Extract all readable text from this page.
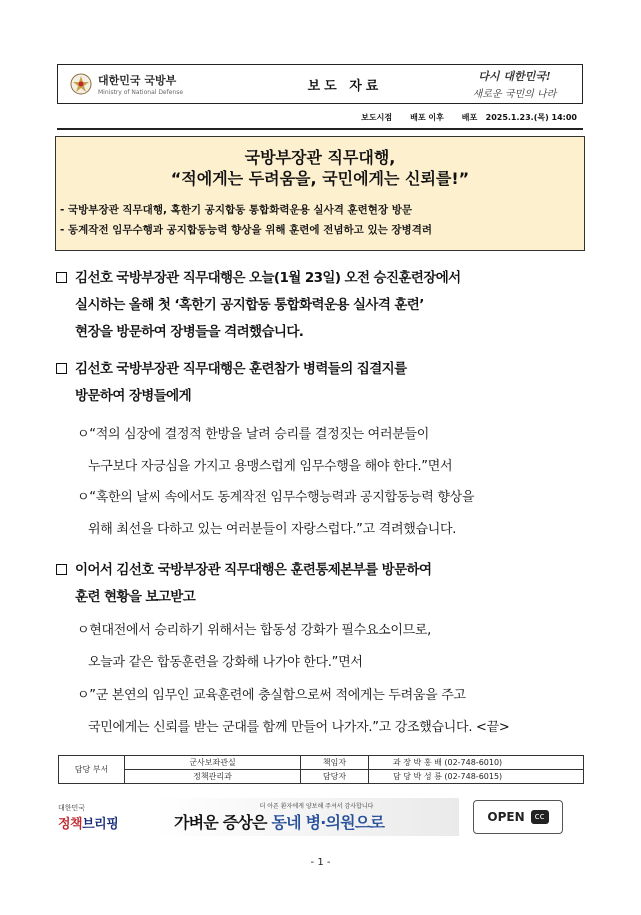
대한민국 국방부
Ministry of National Defense	보도 자료
다시 대한민국!
새로운 국민의 나라
보도시점 배포 이후 배포 2025.1.23.(목) 14:00
국방부장관 직무대행,
“적에게는 두려움을, 국민에게는 신뢰를!”
- 국방부장관 직무대행, 혹한기 공지합동 통합화력운용 실사격 훈련현장 방문
- 동계작전 임무수행과 공지합동능력 향상을 위해 훈련에 전념하고 있는 장병격려
김선호 국방부장관 직무대행은 오늘(1월 23일) 오전 승진훈련장에서
실시하는 올해 첫 ‘혹한기 공지합동 통합화력운용 실사격 훈련’
현장을 방문하여 장병들을 격려했습니다.
김선호 국방부장관 직무대행은 훈련참가 병력들의 집결지를
방문하여 장병들에게
ㅇ“적의 심장에 결정적 한방을 날려 승리를 결정짓는 여러분들이
누구보다 자긍심을 가지고 용맹스럽게 임무수행을 해야 한다.”면서
ㅇ“혹한의 날씨 속에서도 동계작전 임무수행능력과 공지합동능력 향상을
위해 최선을 다하고 있는 여러분들이 자랑스럽다.”고 격려했습니다.
이어서 김선호 국방부장관 직무대행은 훈련통제본부를 방문하여
훈련 현황을 보고받고
ㅇ현대전에서 승리하기 위해서는 합동성 강화가 필수요소이므로,
오늘과 같은 합동훈련을 강화해 나가야 한다.”면서
ㅇ”군 본연의 임무인 교육훈련에 충실함으로써 적에게는 두려움을 주고
국민에게는 신뢰를 받는 군대를 함께 만들어 나가자.”고 강조했습니다. <끝>
담당 부서	군사보좌관실	책임자	과 장 박 홍 배 (02-748-6010)
	정책관리과	담당자	담 당 박 성 룡 (02-748-6015)
대한민국
정책브리핑
더 아픈 환자에게 양보해 주셔서 감사합니다
가벼운 증상은 동네 병·의원으로	OPEN	cc
- 1 -
